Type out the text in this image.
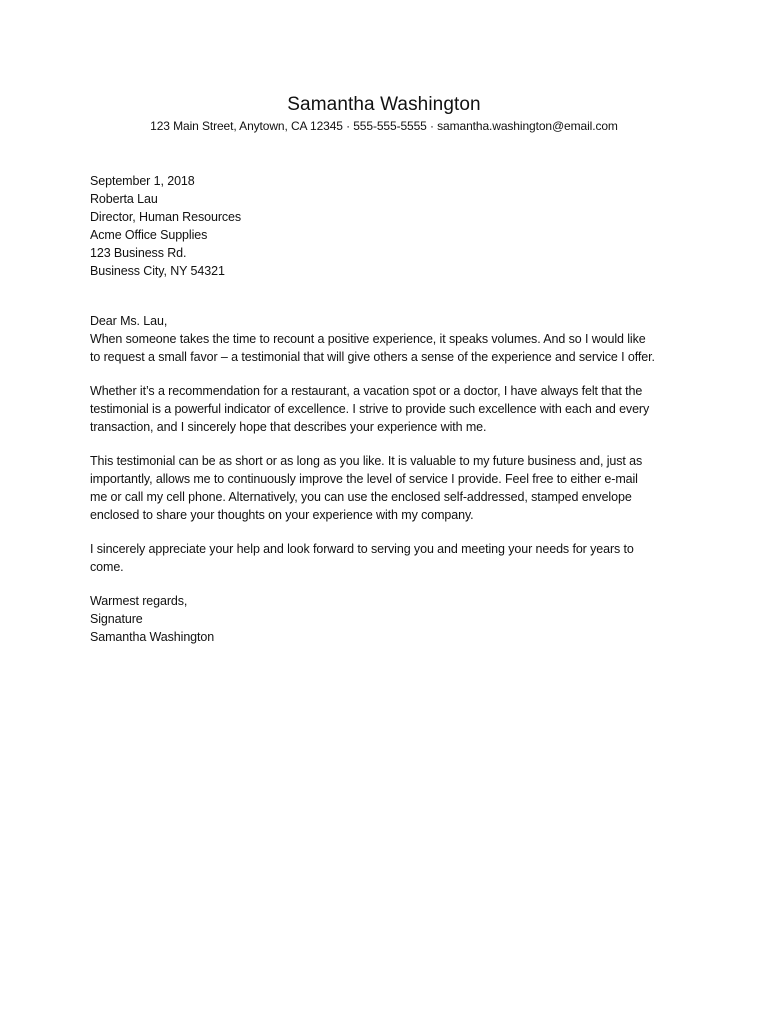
Samantha Washington
123 Main Street, Anytown, CA 12345 · 555-555-5555 · samantha.washington@email.com

September 1, 2018

Roberta Lau
Director, Human Resources
Acme Office Supplies
123 Business Rd.
Business City, NY 54321

Dear Ms. Lau,

When someone takes the time to recount a positive experience, it speaks volumes. And so I would like
to request a small favor – a testimonial that will give others a sense of the experience and service I offer.
Whether it’s a recommendation for a restaurant, a vacation spot or a doctor, I have always felt that the
testimonial is a powerful indicator of excellence. I strive to provide such excellence with each and every
transaction, and I sincerely hope that describes your experience with me.
This testimonial can be as short or as long as you like. It is valuable to my future business and, just as
importantly, allows me to continuously improve the level of service I provide. Feel free to either e-mail
me or call my cell phone. Alternatively, you can use the enclosed self-addressed, stamped envelope
enclosed to share your thoughts on your experience with my company.
I sincerely appreciate your help and look forward to serving you and meeting your needs for years to
come.

Warmest regards,

Signature

Samantha Washington
